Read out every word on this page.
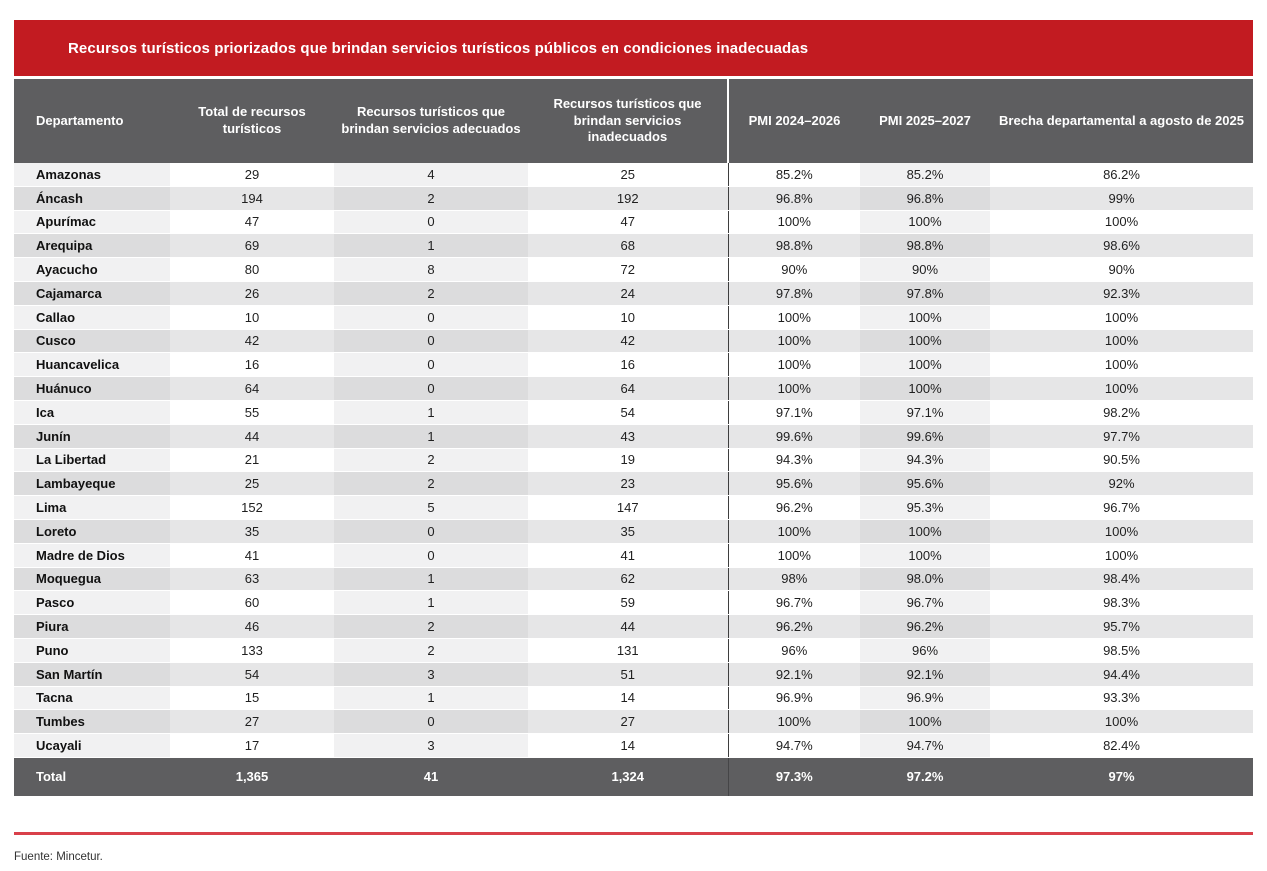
Recursos turísticos priorizados que brindan servicios turísticos públicos en condiciones inadecuadas
Departamento	Total de recursos turísticos	Recursos turísticos que brindan servicios adecuados	Recursos turísticos que brindan servicios inadecuados	PMI 2024–2026	PMI 2025–2027	Brecha departamental a agosto de 2025
Amazonas	29	4	25	85.2%	85.2%	86.2%
Áncash	194	2	192	96.8%	96.8%	99%
Apurímac	47	0	47	100%	100%	100%
Arequipa	69	1	68	98.8%	98.8%	98.6%
Ayacucho	80	8	72	90%	90%	90%
Cajamarca	26	2	24	97.8%	97.8%	92.3%
Callao	10	0	10	100%	100%	100%
Cusco	42	0	42	100%	100%	100%
Huancavelica	16	0	16	100%	100%	100%
Huánuco	64	0	64	100%	100%	100%
Ica	55	1	54	97.1%	97.1%	98.2%
Junín	44	1	43	99.6%	99.6%	97.7%
La Libertad	21	2	19	94.3%	94.3%	90.5%
Lambayeque	25	2	23	95.6%	95.6%	92%
Lima	152	5	147	96.2%	95.3%	96.7%
Loreto	35	0	35	100%	100%	100%
Madre de Dios	41	0	41	100%	100%	100%
Moquegua	63	1	62	98%	98.0%	98.4%
Pasco	60	1	59	96.7%	96.7%	98.3%
Piura	46	2	44	96.2%	96.2%	95.7%
Puno	133	2	131	96%	96%	98.5%
San Martín	54	3	51	92.1%	92.1%	94.4%
Tacna	15	1	14	96.9%	96.9%	93.3%
Tumbes	27	0	27	100%	100%	100%
Ucayali	17	3	14	94.7%	94.7%	82.4%
Total	1,365	41	1,324	97.3%	97.2%	97%
Fuente: Mincetur.
